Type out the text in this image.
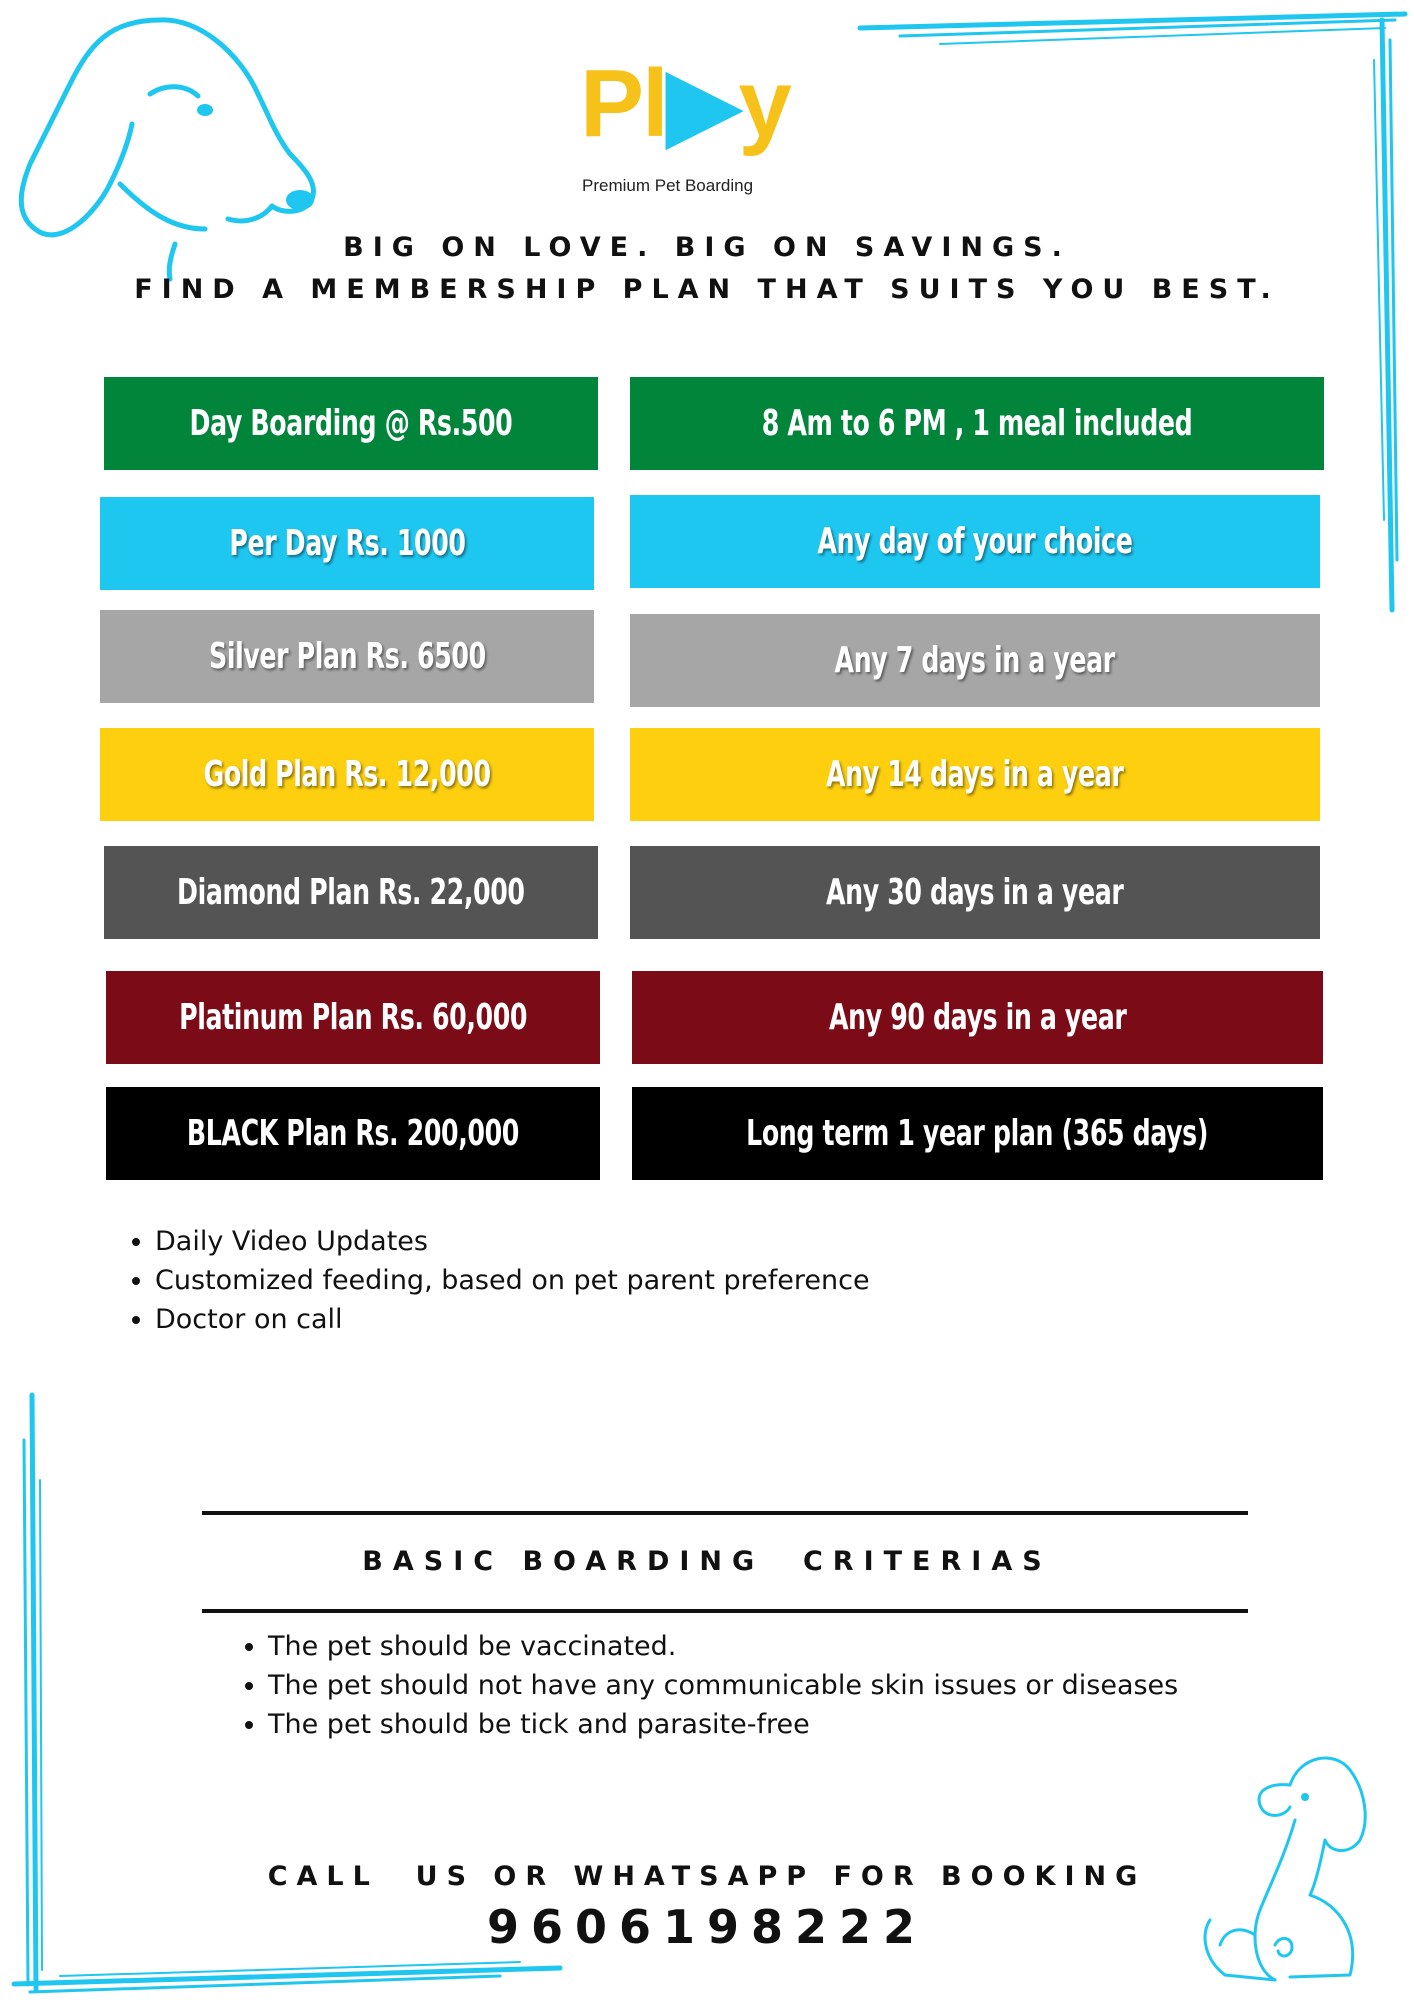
Pl▶y
Premium Pet Boarding
BIG ON LOVE. BIG ON SAVINGS.
FIND A MEMBERSHIP PLAN THAT SUITS YOU BEST.
Day Boarding @ Rs.500	8 Am to 6 PM , 1 meal included
Per Day Rs. 1000	Any day of your choice
Silver Plan Rs. 6500	Any 7 days in a year
Gold Plan Rs. 12,000	Any 14 days in a year
Diamond Plan Rs. 22,000	Any 30 days in a year
Platinum Plan Rs. 60,000	Any 90 days in a year
BLACK Plan Rs. 200,000	Long term 1 year plan (365 days)
• Daily Video Updates
• Customized feeding, based on pet parent preference
• Doctor on call
BASIC BOARDING  CRITERIAS
• The pet should be vaccinated.
• The pet should not have any communicable skin issues or diseases
• The pet should be tick and parasite-free
CALL  US OR WHATSAPP FOR BOOKING
9606198222
